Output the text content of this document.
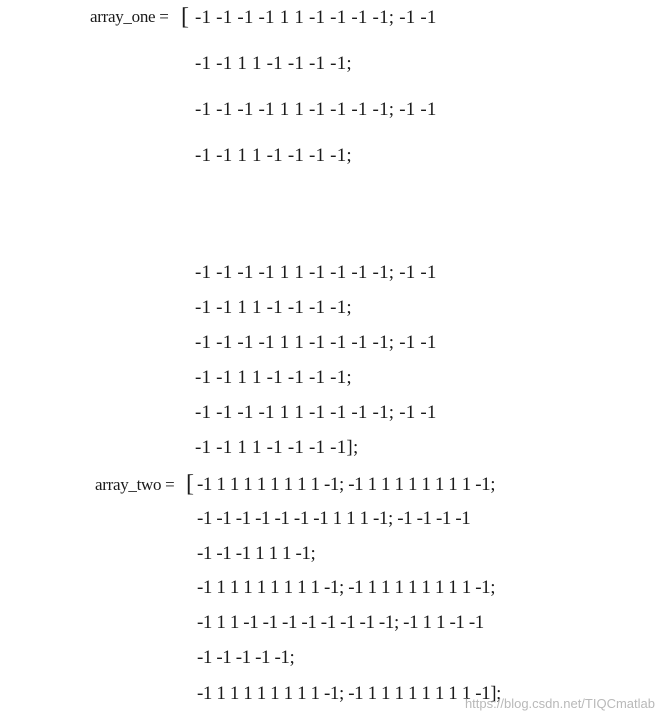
array_one = [ -1 -1 -1 -1 1 1 -1 -1 -1 -1; -1 -1
-1 -1 1 1 -1 -1 -1 -1;
-1 -1 -1 -1 1 1 -1 -1 -1 -1; -1 -1
-1 -1 1 1 -1 -1 -1 -1;
-1 -1 -1 -1 1 1 -1 -1 -1 -1; -1 -1
-1 -1 1 1 -1 -1 -1 -1;
-1 -1 -1 -1 1 1 -1 -1 -1 -1; -1 -1
-1 -1 1 1 -1 -1 -1 -1;
-1 -1 -1 -1 1 1 -1 -1 -1 -1; -1 -1
-1 -1 1 1 -1 -1 -1 -1];
array_two = [ -1 1 1 1 1 1 1 1 1 -1; -1 1 1 1 1 1 1 1 1 -1;
-1 -1 -1 -1 -1 -1 -1 1 1 1 -1; -1 -1 -1 -1
-1 -1 -1 1 1 1 -1;
-1 1 1 1 1 1 1 1 1 -1; -1 1 1 1 1 1 1 1 1 -1;
-1 1 1 -1 -1 -1 -1 -1 -1 -1 -1; -1 1 1 -1 -1
-1 -1 -1 -1 -1;
-1 1 1 1 1 1 1 1 1 -1; -1 1 1 1 1 1 1 1 1 -1];
https://blog.csdn.net/TIQCmatlab
